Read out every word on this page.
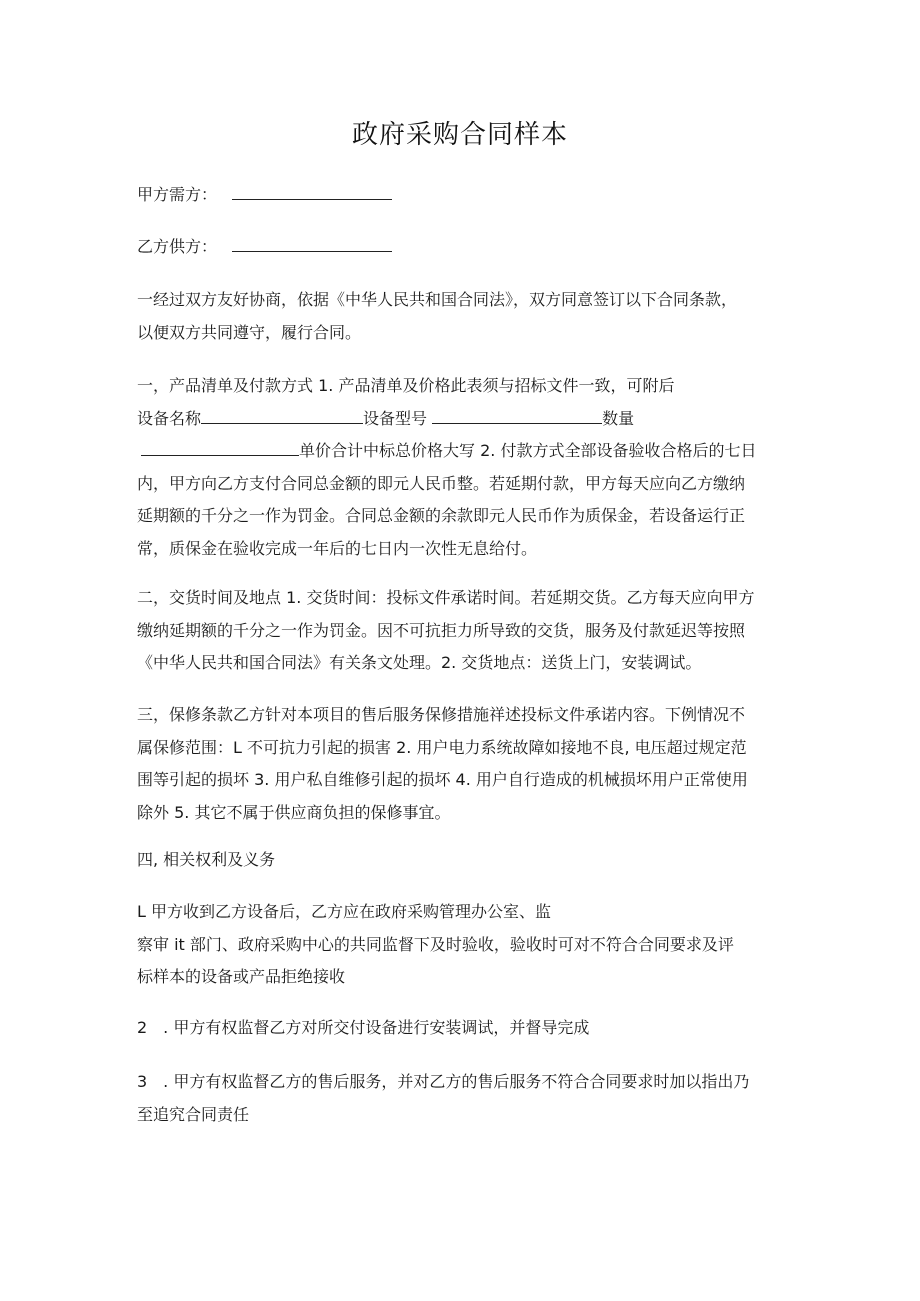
政府采购合同样本
甲方需方：
乙方供方：
一经过双方友好协商，依据《中华人民共和国合同法》，双方同意签订以下合同条款，
以便双方共同遵守，履行合同。
一，产品清单及付款方式 1. 产品清单及价格此表须与招标文件一致，可附后
设备名称	设备型号	数量
单价合计中标总价格大写 2. 付款方式全部设备验收合格后的七日
内，甲方向乙方支付合同总金额的即元人民币整。若延期付款，甲方每天应向乙方缴纳
延期额的千分之一作为罚金。合同总金额的余款即元人民币作为质保金，若设备运行正
常，质保金在验收完成一年后的七日内一次性无息给付。
二，交货时间及地点 1. 交货时间：投标文件承诺时间。若延期交货。乙方每天应向甲方
缴纳延期额的千分之一作为罚金。因不可抗拒力所导致的交货，服务及付款延迟等按照
《中华人民共和国合同法》有关条文处理。2. 交货地点：送货上门，安装调试。
三，保修条款乙方针对本项目的售后服务保修措施祥述投标文件承诺内容。下例情况不
属保修范围：L 不可抗力引起的损害 2. 用户电力系统故障如接地不良, 电压超过规定范
围等引起的损坏 3. 用户私自维修引起的损坏 4. 用户自行造成的机械损坏用户正常使用
除外 5. 其它不属于供应商负担的保修事宜。
四, 相关权利及义务
L 甲方收到乙方设备后，乙方应在政府采购管理办公室、监
察审 it 部门、政府采购中心的共同监督下及时验收，验收时可对不符合合同要求及评
标样本的设备或产品拒绝接收
2　. 甲方有权监督乙方对所交付设备进行安装调试，并督导完成
3　. 甲方有权监督乙方的售后服务，并对乙方的售后服务不符合合同要求时加以指出乃
至追究合同责任
